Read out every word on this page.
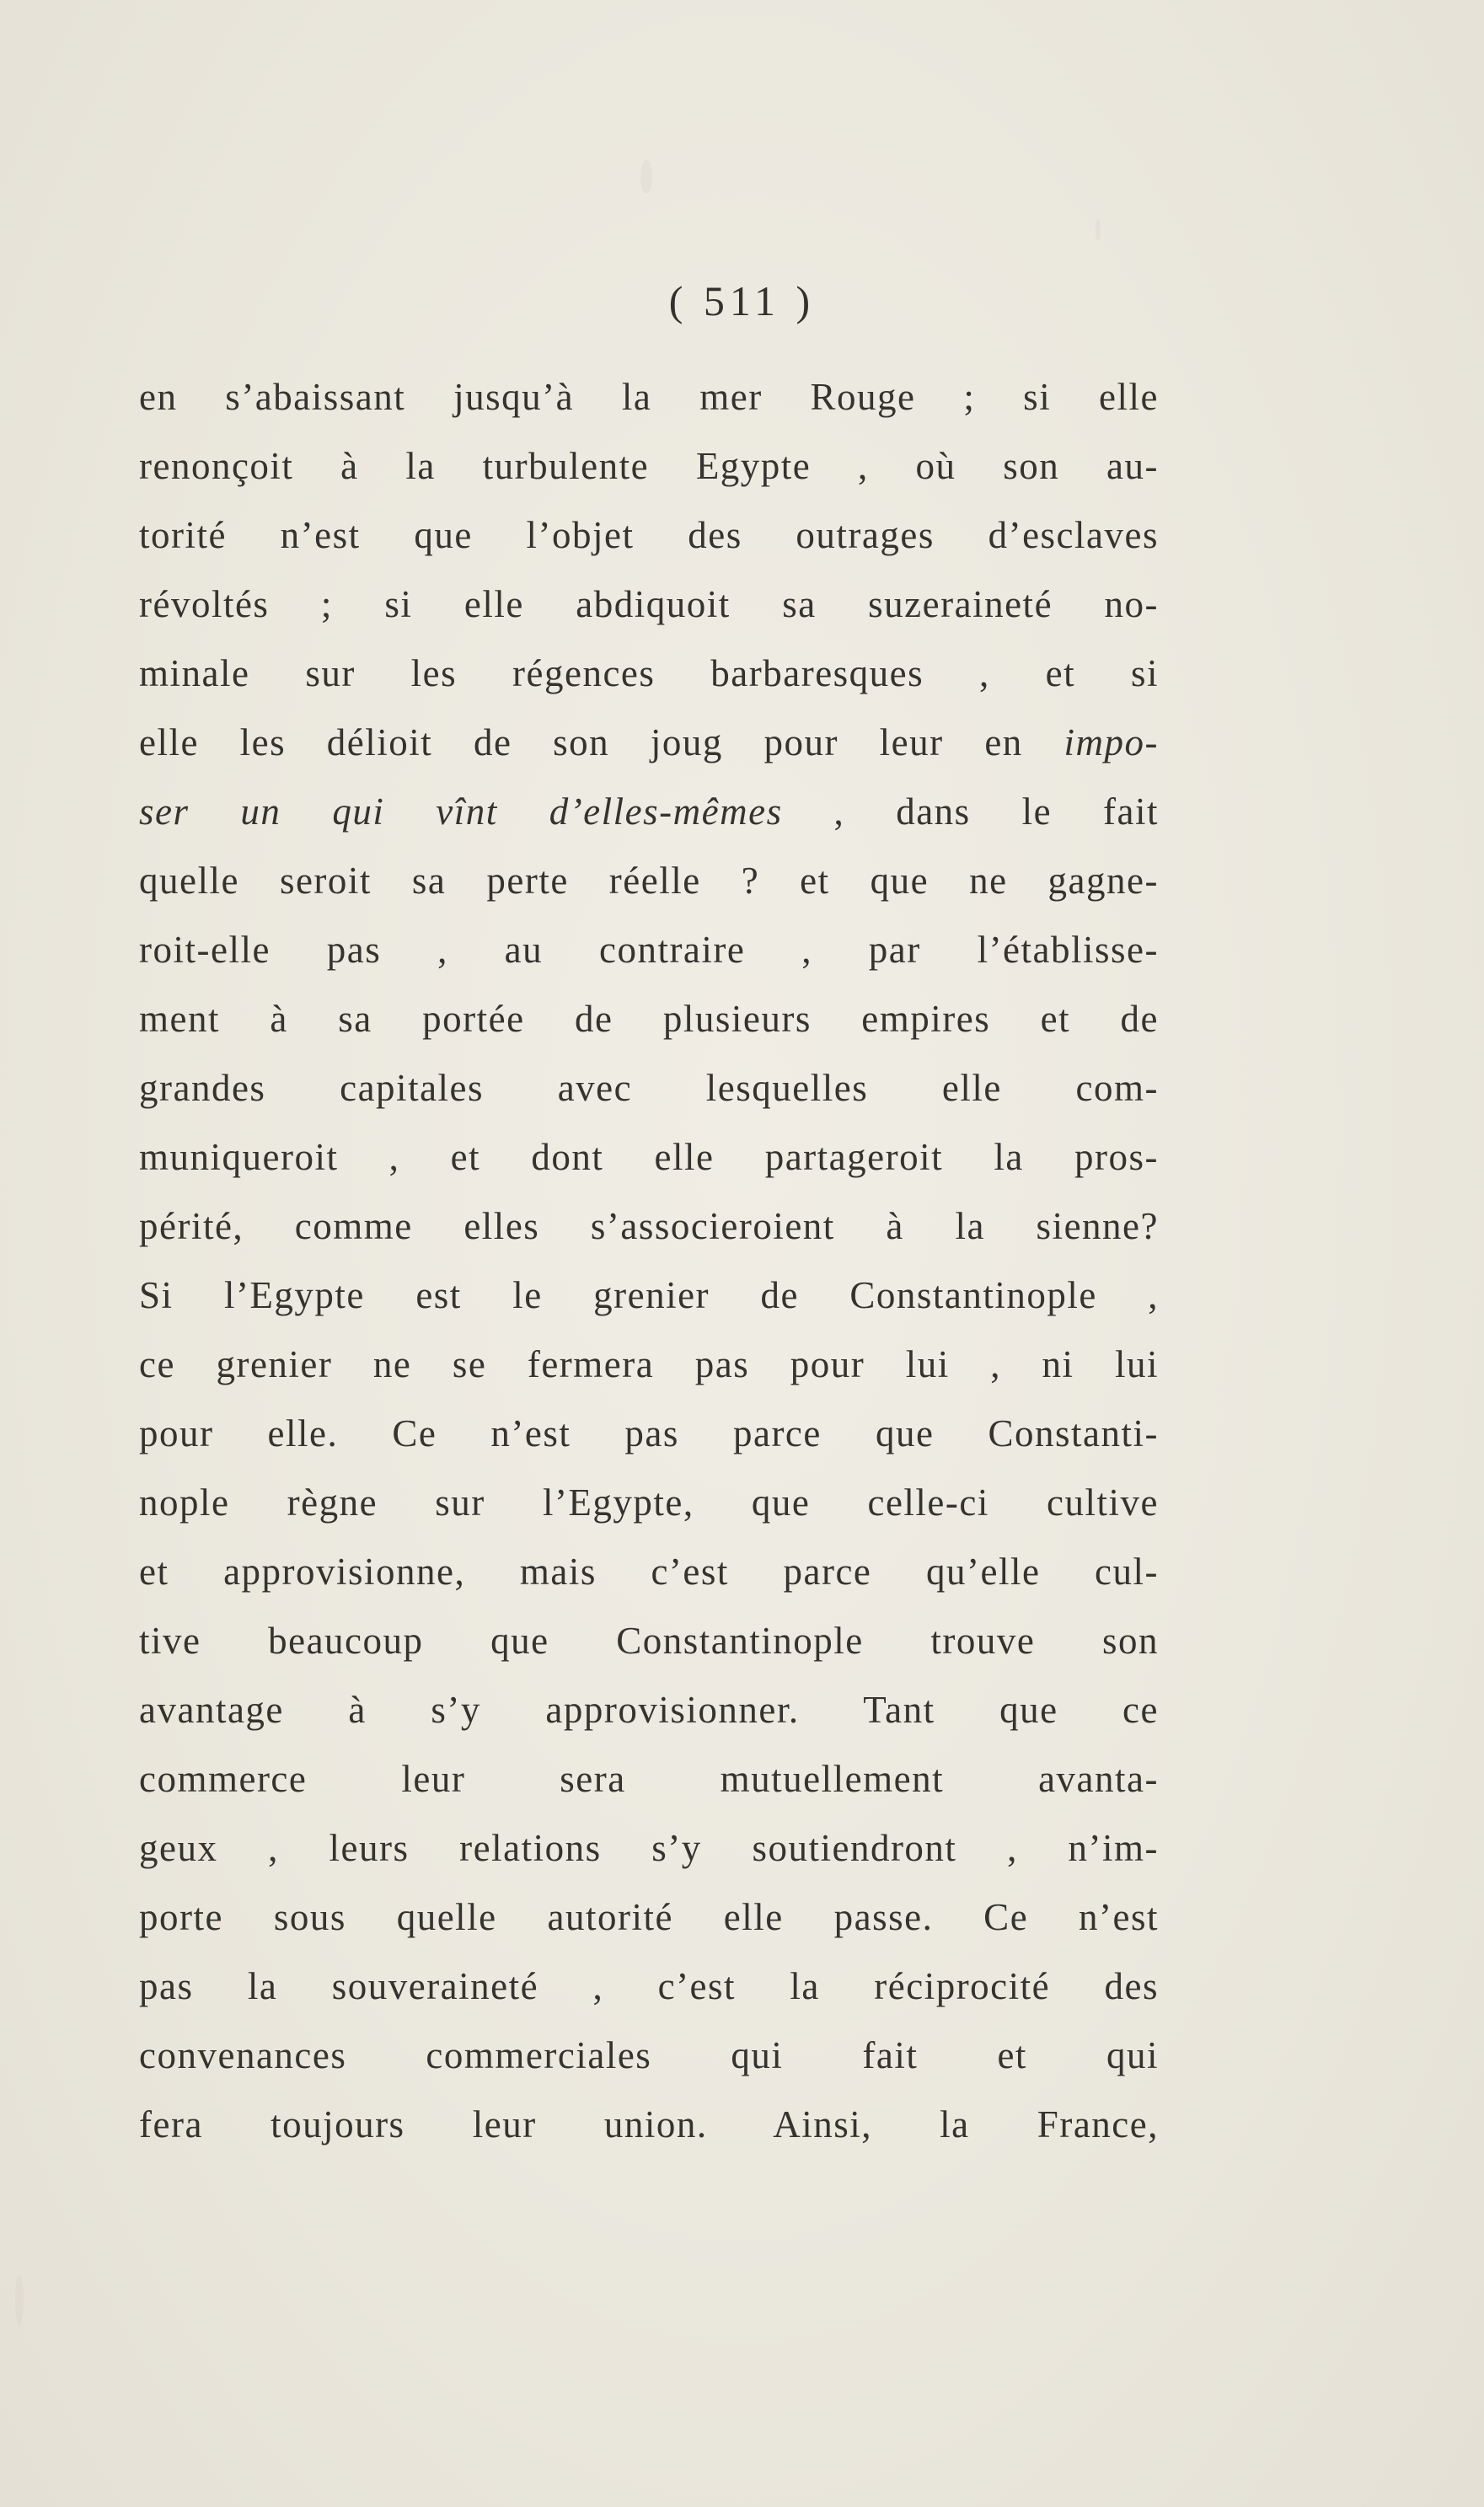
( 511 )
en s’abaissant jusqu’à la mer Rouge ; si elle
renonçoit à la turbulente Egypte , où son au-
torité n’est que l’objet des outrages d’esclaves
révoltés ; si elle abdiquoit sa suzeraineté no-
minale sur les régences barbaresques , et si
elle les délioit de son joug pour leur en impo-
ser un qui vînt d’elles-mêmes , dans le fait
quelle seroit sa perte réelle ? et que ne gagne-
roit-elle pas , au contraire , par l’établisse-
ment à sa portée de plusieurs empires et de
grandes capitales avec lesquelles elle com-
muniqueroit , et dont elle partageroit la pros-
périté, comme elles s’associeroient à la sienne?
Si l’Egypte est le grenier de Constantinople ,
ce grenier ne se fermera pas pour lui , ni lui
pour elle. Ce n’est pas parce que Constanti-
nople règne sur l’Egypte, que celle-ci cultive
et approvisionne, mais c’est parce qu’elle cul-
tive beaucoup que Constantinople trouve son
avantage à s’y approvisionner. Tant que ce
commerce leur sera mutuellement avanta-
geux , leurs relations s’y soutiendront , n’im-
porte sous quelle autorité elle passe. Ce n’est
pas la souveraineté , c’est la réciprocité des
convenances commerciales qui fait et qui
fera toujours leur union. Ainsi, la France,
